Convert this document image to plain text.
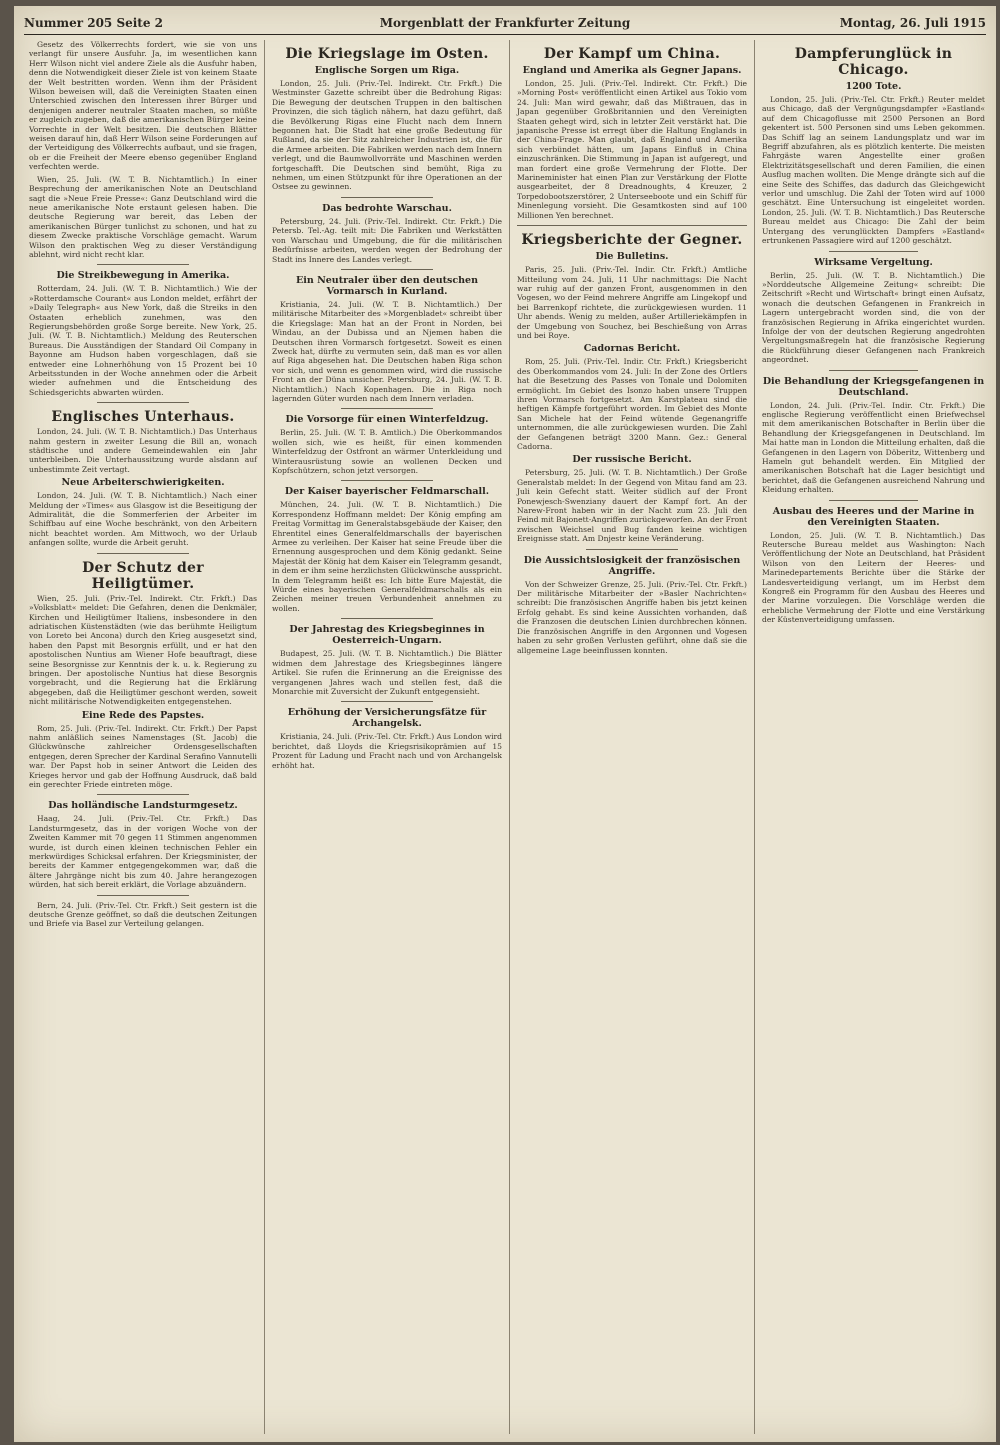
Nummer 205 Seite 2	Morgenblatt der Frankfurter Zeitung	Montag, 26. Juli 1915

Gesetz des Völkerrechts fordert, wie sie von uns verlangt für unsere Ausfuhr. Ja, im wesentlichen kann Herr Wilson nicht viel andere Ziele als die Ausfuhr haben, denn die Notwendigkeit dieser Ziele ist von keinem Staate der Welt bestritten worden. Wenn ihm der Präsident Wilson beweisen will, daß die Vereinigten Staaten einen Unterschied zwischen den Interessen ihrer Bürger und denjenigen anderer neutraler Staaten machen, so müßte er zugleich zugeben, daß die amerikanischen Bürger keine Vorrechte in der Welt besitzen. Die deutschen Blätter weisen darauf hin, daß Herr Wilson seine Forderungen auf der Verteidigung des Völkerrechts aufbaut, und sie fragen, ob er die Freiheit der Meere ebenso gegenüber England verfechten werde.

Wien, 25. Juli. (W. T. B. Nichtamtlich.) In einer Besprechung der amerikanischen Note an Deutschland sagt die »Neue Freie Presse«: Ganz Deutschland wird die neue amerikanische Note erstaunt gelesen haben. Die deutsche Regierung war bereit, das Leben der amerikanischen Bürger tunlichst zu schonen, und hat zu diesem Zwecke praktische Vorschläge gemacht. Warum Wilson den praktischen Weg zu dieser Verständigung ablehnt, wird nicht recht klar.

Die Streikbewegung in Amerika.

Rotterdam, 24. Juli. (W. T. B. Nichtamtlich.) Wie der »Rotterdamsche Courant« aus London meldet, erfährt der »Daily Telegraph« aus New York, daß die Streiks in den Ostaaten erheblich zunehmen, was den Regierungsbehörden große Sorge bereite. New York, 25. Juli. (W. T. B. Nichtamtlich.) Meldung des Reuterschen Bureaus. Die Ausständigen der Standard Oil Company in Bayonne am Hudson haben vorgeschlagen, daß sie entweder eine Lohnerhöhung von 15 Prozent bei 10 Arbeitsstunden in der Woche annehmen oder die Arbeit wieder aufnehmen und die Entscheidung des Schiedsgerichts abwarten würden.

Englisches Unterhaus.

London, 24. Juli. (W. T. B. Nichtamtlich.) Das Unterhaus nahm gestern in zweiter Lesung die Bill an, wonach städtische und andere Gemeindewahlen ein Jahr unterbleiben. Die Unterhaussitzung wurde alsdann auf unbestimmte Zeit vertagt.

Neue Arbeiterschwierigkeiten.

London, 24. Juli. (W. T. B. Nichtamtlich.) Nach einer Meldung der »Times« aus Glasgow ist die Beseitigung der Admiralität, die die Sommerferien der Arbeiter im Schiffbau auf eine Woche beschränkt, von den Arbeitern nicht beachtet worden. Am Mittwoch, wo der Urlaub anfangen sollte, wurde die Arbeit geruht.

Der Schutz der Heiligtümer.

Wien, 25. Juli. (Priv.-Tel. Indirekt. Ctr. Frkft.) Das »Volksblatt« meldet: Die Gefahren, denen die Denkmäler, Kirchen und Heiligtümer Italiens, insbesondere in den adriatischen Küstenstädten (wie das berühmte Heiligtum von Loreto bei Ancona) durch den Krieg ausgesetzt sind, haben den Papst mit Besorgnis erfüllt, und er hat den apostolischen Nuntius am Wiener Hofe beauftragt, diese seine Besorgnisse zur Kenntnis der k. u. k. Regierung zu bringen. Der apostolische Nuntius hat diese Besorgnis vorgebracht, und die Regierung hat die Erklärung abgegeben, daß die Heiligtümer geschont werden, soweit nicht militärische Notwendigkeiten entgegenstehen.

Eine Rede des Papstes.

Rom, 25. Juli. (Priv.-Tel. Indirekt. Ctr. Frkft.) Der Papst nahm anläßlich seines Namenstages (St. Jacob) die Glückwünsche zahlreicher Ordensgesellschaften entgegen, deren Sprecher der Kardinal Serafino Vannutelli war. Der Papst hob in seiner Antwort die Leiden des Krieges hervor und gab der Hoffnung Ausdruck, daß bald ein gerechter Friede eintreten möge.

Das holländische Landsturmgesetz.

Haag, 24. Juli. (Priv.-Tel. Ctr. Frkft.) Das Landsturmgesetz, das in der vorigen Woche von der Zweiten Kammer mit 70 gegen 11 Stimmen angenommen wurde, ist durch einen kleinen technischen Fehler ein merkwürdiges Schicksal erfahren. Der Kriegsminister, der bereits der Kammer entgegengekommen war, daß die ältere Jahrgänge nicht bis zum 40. Jahre herangezogen würden, hat sich bereit erklärt, die Vorlage abzuändern.

Bern, 24. Juli. (Priv.-Tel. Ctr. Frkft.) Seit gestern ist die deutsche Grenze geöffnet, so daß die deutschen Zeitungen und Briefe via Basel zur Verteilung gelangen.

Die Kriegslage im Osten.
Englische Sorgen um Riga.

London, 25. Juli. (Priv.-Tel. Indirekt. Ctr. Frkft.) Die Westminster Gazette schreibt über die Bedrohung Rigas: Die Bewegung der deutschen Truppen in den baltischen Provinzen, die sich täglich nähern, hat dazu geführt, daß die Bevölkerung Rigas eine Flucht nach dem Innern begonnen hat. Die Stadt hat eine große Bedeutung für Rußland, da sie der Sitz zahlreicher Industrien ist, die für die Armee arbeiten. Die Fabriken werden nach dem Innern verlegt, und die Baumwollvorräte und Maschinen werden fortgeschafft. Die Deutschen sind bemüht, Riga zu nehmen, um einen Stützpunkt für ihre Operationen an der Ostsee zu gewinnen.

Das bedrohte Warschau.

Petersburg, 24. Juli. (Priv.-Tel. Indirekt. Ctr. Frkft.) Die Petersb. Tel.-Ag. teilt mit: Die Fabriken und Werkstätten von Warschau und Umgebung, die für die militärischen Bedürfnisse arbeiten, werden wegen der Bedrohung der Stadt ins Innere des Landes verlegt.

Ein Neutraler über den deutschen Vormarsch in Kurland.

Kristiania, 24. Juli. (W. T. B. Nichtamtlich.) Der militärische Mitarbeiter des »Morgenbladet« schreibt über die Kriegslage: Man hat an der Front in Norden, bei Windau, an der Dubissa und an Njemen haben die Deutschen ihren Vormarsch fortgesetzt. Soweit es einen Zweck hat, dürfte zu vermuten sein, daß man es vor allen auf Riga abgesehen hat. Die Deutschen haben Riga schon vor sich, und wenn es genommen wird, wird die russische Front an der Düna unsicher. Petersburg, 24. Juli. (W. T. B. Nichtamtlich.) Nach Kopenhagen. Die in Riga noch lagernden Güter wurden nach dem Innern verladen.

Die Vorsorge für einen Winterfeldzug.

Berlin, 25. Juli. (W. T. B. Amtlich.) Die Oberkommandos wollen sich, wie es heißt, für einen kommenden Winterfeldzug der Ostfront an wärmer Unterkleidung und Winterausrüstung sowie an wollenen Decken und Kopfschützern, schon jetzt versorgen.

Der Kaiser bayerischer Feldmarschall.

München, 24. Juli. (W. T. B. Nichtamtlich.) Die Korrespondenz Hoffmann meldet: Der König empfing am Freitag Vormittag im Generalstabsgebäude der Kaiser, den Ehrentitel eines Generalfeldmarschalls der bayerischen Armee zu verleihen. Der Kaiser hat seine Freude über die Ernennung ausgesprochen und dem König gedankt. Seine Majestät der König hat dem Kaiser ein Telegramm gesandt, in dem er ihm seine herzlichsten Glückwünsche ausspricht. In dem Telegramm heißt es: Ich bitte Eure Majestät, die Würde eines bayerischen Generalfeldmarschalls als ein Zeichen meiner treuen Verbundenheit annehmen zu wollen.

Der Jahrestag des Kriegsbeginnes in Oesterreich-Ungarn.

Budapest, 25. Juli. (W. T. B. Nichtamtlich.) Die Blätter widmen dem Jahrestage des Kriegsbeginnes längere Artikel. Sie rufen die Erinnerung an die Ereignisse des vergangenen Jahres wach und stellen fest, daß die Monarchie mit Zuversicht der Zukunft entgegensieht.

Erhöhung der Versicherungsfätze für Archangelsk.

Kristiania, 24. Juli. (Priv.-Tel. Ctr. Frkft.) Aus London wird berichtet, daß Lloyds die Kriegsrisikoprämien auf 15 Prozent für Ladung und Fracht nach und von Archangelsk erhöht hat.

Der Kampf um China.
England und Amerika als Gegner Japans.

London, 25. Juli. (Priv.-Tel. Indirekt. Ctr. Frkft.) Die »Morning Post« veröffentlicht einen Artikel aus Tokio vom 24. Juli: Man wird gewahr, daß das Mißtrauen, das in Japan gegenüber Großbritannien und den Vereinigten Staaten gehegt wird, sich in letzter Zeit verstärkt hat. Die japanische Presse ist erregt über die Haltung Englands in der China-Frage. Man glaubt, daß England und Amerika sich verbündet hätten, um Japans Einfluß in China einzuschränken. Die Stimmung in Japan ist aufgeregt, und man fordert eine große Vermehrung der Flotte. Der Marineminister hat einen Plan zur Verstärkung der Flotte ausgearbeitet, der 8 Dreadnoughts, 4 Kreuzer, 2 Torpedobootszerstörer, 2 Unterseeboote und ein Schiff für Minenlegung vorsieht. Die Gesamtkosten sind auf 100 Millionen Yen berechnet.

Kriegsberichte der Gegner.
Die Bulletins.

Paris, 25. Juli. (Priv.-Tel. Indir. Ctr. Frkft.) Amtliche Mitteilung vom 24. Juli, 11 Uhr nachmittags: Die Nacht war ruhig auf der ganzen Front, ausgenommen in den Vogesen, wo der Feind mehrere Angriffe am Lingekopf und bei Barrenkopf richtete, die zurückgewiesen wurden. 11 Uhr abends. Wenig zu melden, außer Artilleriekämpfen in der Umgebung von Souchez, bei Beschießung von Arras und bei Roye.

Cadornas Bericht.

Rom, 25. Juli. (Priv.-Tel. Indir. Ctr. Frkft.) Kriegsbericht des Oberkommandos vom 24. Juli: In der Zone des Ortlers hat die Besetzung des Passes von Tonale und Dolomiten ermöglicht. Im Gebiet des Isonzo haben unsere Truppen ihren Vormarsch fortgesetzt. Am Karstplateau sind die heftigen Kämpfe fortgeführt worden. Im Gebiet des Monte San Michele hat der Feind wütende Gegenangriffe unternommen, die alle zurückgewiesen wurden. Die Zahl der Gefangenen beträgt 3200 Mann. Gez.: General Cadorna.

Der russische Bericht.

Petersburg, 25. Juli. (W. T. B. Nichtamtlich.) Der Große Generalstab meldet: In der Gegend von Mitau fand am 23. Juli kein Gefecht statt. Weiter südlich auf der Front Ponewjesch-Swenziany dauert der Kampf fort. An der Narew-Front haben wir in der Nacht zum 23. Juli den Feind mit Bajonett-Angriffen zurückgeworfen. An der Front zwischen Weichsel und Bug fanden keine wichtigen Ereignisse statt. Am Dnjestr keine Veränderung.

Die Aussichtslosigkeit der französischen Angriffe.

Von der Schweizer Grenze, 25. Juli. (Priv.-Tel. Ctr. Frkft.) Der militärische Mitarbeiter der »Basler Nachrichten« schreibt: Die französischen Angriffe haben bis jetzt keinen Erfolg gehabt. Es sind keine Aussichten vorhanden, daß die Franzosen die deutschen Linien durchbrechen können. Die französischen Angriffe in den Argonnen und Vogesen haben zu sehr großen Verlusten geführt, ohne daß sie die allgemeine Lage beeinflussen konnten.

Dampferunglück in Chicago.
1200 Tote.

London, 25. Juli. (Priv.-Tel. Ctr. Frkft.) Reuter meldet aus Chicago, daß der Vergnügungsdampfer »Eastland« auf dem Chicagoflusse mit 2500 Personen an Bord gekentert ist. 500 Personen sind ums Leben gekommen. Das Schiff lag an seinem Landungsplatz und war im Begriff abzufahren, als es plötzlich kenterte. Die meisten Fahrgäste waren Angestellte einer großen Elektrizitätsgesellschaft und deren Familien, die einen Ausflug machen wollten. Die Menge drängte sich auf die eine Seite des Schiffes, das dadurch das Gleichgewicht verlor und umschlug. Die Zahl der Toten wird auf 1000 geschätzt. Eine Untersuchung ist eingeleitet worden. London, 25. Juli. (W. T. B. Nichtamtlich.) Das Reutersche Bureau meldet aus Chicago: Die Zahl der beim Untergang des verunglückten Dampfers »Eastland« ertrunkenen Passagiere wird auf 1200 geschätzt.

Wirksame Vergeltung.

Berlin, 25. Juli. (W. T. B. Nichtamtlich.) Die »Norddeutsche Allgemeine Zeitung« schreibt: Die Zeitschrift »Recht und Wirtschaft« bringt einen Aufsatz, wonach die deutschen Gefangenen in Frankreich in Lagern untergebracht worden sind, die von der französischen Regierung in Afrika eingerichtet wurden. Infolge der von der deutschen Regierung angedrohten Vergeltungsmaßregeln hat die französische Regierung die Rückführung dieser Gefangenen nach Frankreich angeordnet.

Die Behandlung der Kriegsgefangenen in Deutschland.

London, 24. Juli. (Priv.-Tel. Indir. Ctr. Frkft.) Die englische Regierung veröffentlicht einen Briefwechsel mit dem amerikanischen Botschafter in Berlin über die Behandlung der Kriegsgefangenen in Deutschland. Im Mai hatte man in London die Mitteilung erhalten, daß die Gefangenen in den Lagern von Döberitz, Wittenberg und Hameln gut behandelt werden. Ein Mitglied der amerikanischen Botschaft hat die Lager besichtigt und berichtet, daß die Gefangenen ausreichend Nahrung und Kleidung erhalten.

Ausbau des Heeres und der Marine in den Vereinigten Staaten.

London, 25. Juli. (W. T. B. Nichtamtlich.) Das Reutersche Bureau meldet aus Washington: Nach Veröffentlichung der Note an Deutschland, hat Präsident Wilson von den Leitern der Heeres- und Marinedepartements Berichte über die Stärke der Landesverteidigung verlangt, um im Herbst dem Kongreß ein Programm für den Ausbau des Heeres und der Marine vorzulegen. Die Vorschläge werden die erhebliche Vermehrung der Flotte und eine Verstärkung der Küstenverteidigung umfassen.
